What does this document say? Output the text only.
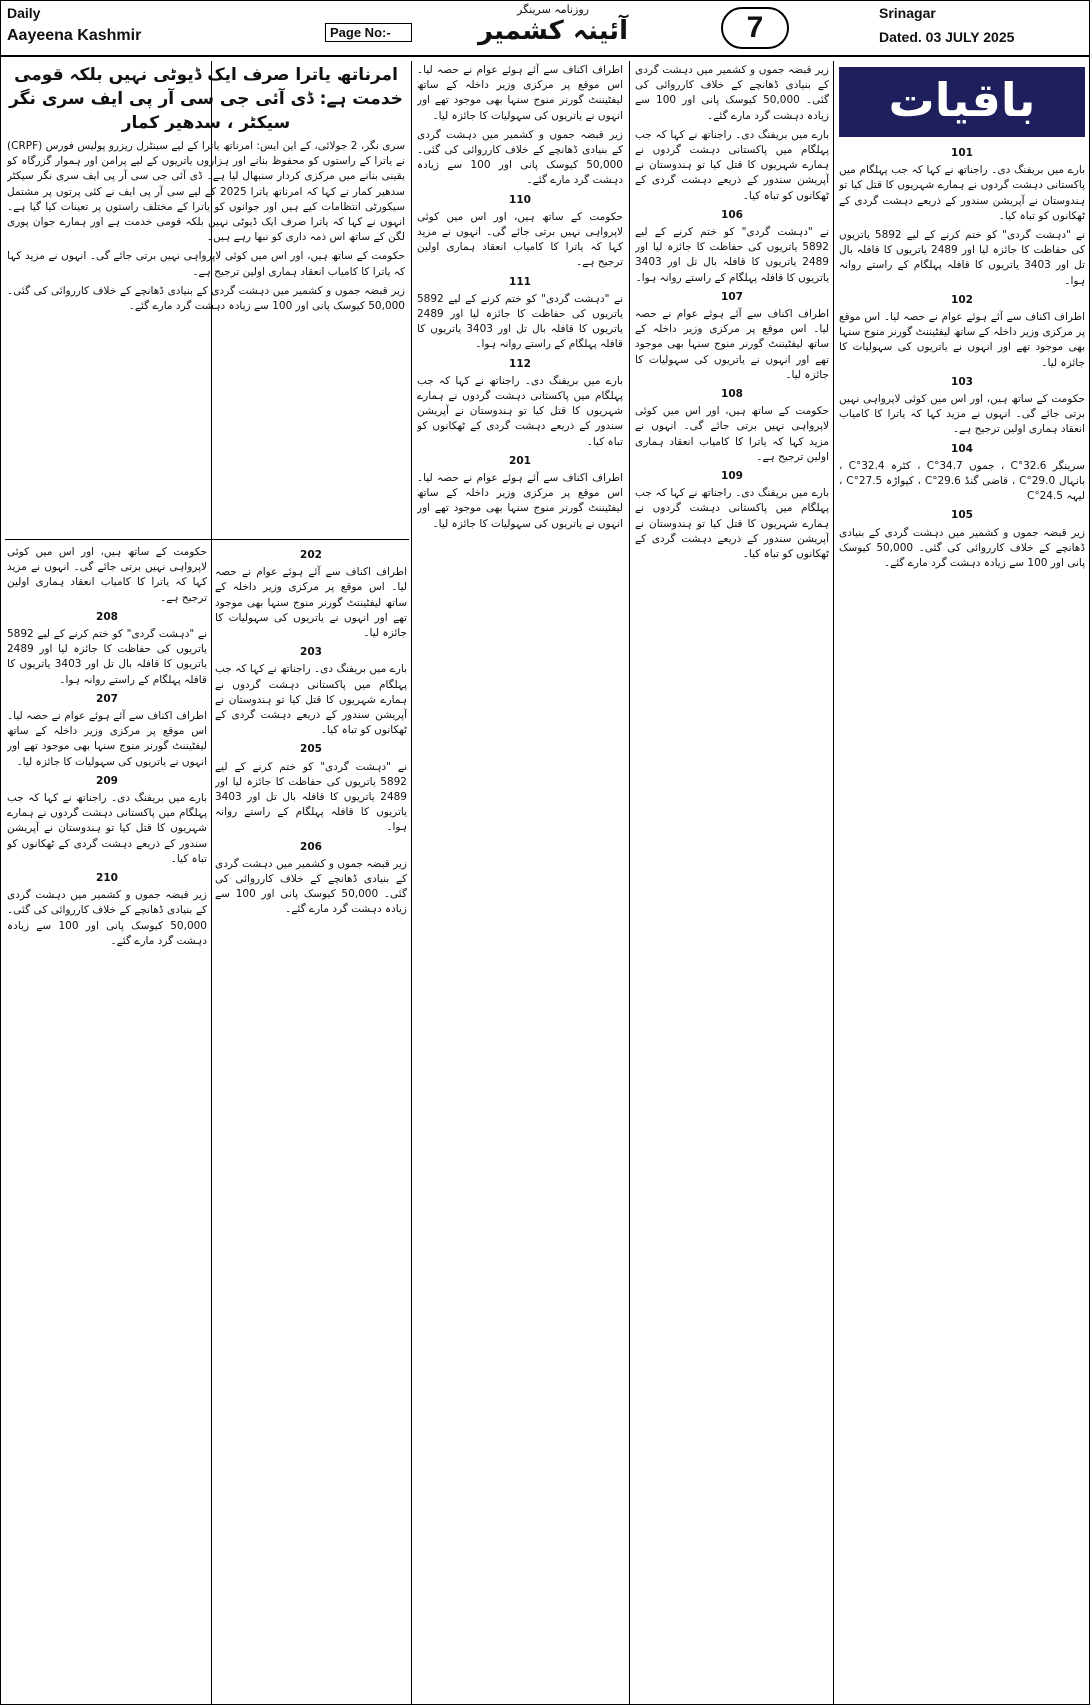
Daily
Aayeena Kashmir	Page No:-
روزنامہ سرینگر
آئینہ کشمیر	7	Srinagar
Dated. 03 JULY 2025
باقیات
101

بارے میں بریفنگ دی۔ راجناتھ نے کہا کہ جب پہلگام میں پاکستانی دہشت گردوں نے ہمارے شہریوں کا قتل کیا تو ہندوستان نے آپریشن سندور کے ذریعے دہشت گردی کے ٹھکانوں کو تباہ کیا۔

نے "دہشت گردی" کو ختم کرنے کے لیے 5892 یاتریوں کی حفاظت کا جائزہ لیا اور 2489 یاتریوں کا قافلہ بال تل اور 3403 یاتریوں کا قافلہ پہلگام کے راستے روانہ ہوا۔

102

اطراف اکناف سے آئے ہوئے عوام نے حصہ لیا۔ اس موقع پر مرکزی وزیر داخلہ کے ساتھ لیفٹیننٹ گورنر منوج سنہا بھی موجود تھے اور انہوں نے یاتریوں کی سہولیات کا جائزہ لیا۔

103

حکومت کے ساتھ ہیں، اور اس میں کوئی لاپرواہی نہیں برتی جائے گی۔ انہوں نے مزید کہا کہ یاترا کا کامیاب انعقاد ہماری اولین ترجیح ہے۔

104

سرینگر 32.6°C ، جموں 34.7°C ، کٹرہ 32.4°C ، بانہال 29.0°C ، قاضی گنڈ 29.6°C ، کپواڑہ 27.5°C ، لیہہ 24.5°C

105

زیر قبضہ جموں و کشمیر میں دہشت گردی کے بنیادی ڈھانچے کے خلاف کارروائی کی گئی۔ 50,000 کیوسک پانی اور 100 سے زیادہ دہشت گرد مارے گئے۔

زیر قبضہ جموں و کشمیر میں دہشت گردی کے بنیادی ڈھانچے کے خلاف کارروائی کی گئی۔ 50,000 کیوسک پانی اور 100 سے زیادہ دہشت گرد مارے گئے۔

بارے میں بریفنگ دی۔ راجناتھ نے کہا کہ جب پہلگام میں پاکستانی دہشت گردوں نے ہمارے شہریوں کا قتل کیا تو ہندوستان نے آپریشن سندور کے ذریعے دہشت گردی کے ٹھکانوں کو تباہ کیا۔

106

نے "دہشت گردی" کو ختم کرنے کے لیے 5892 یاتریوں کی حفاظت کا جائزہ لیا اور 2489 یاتریوں کا قافلہ بال تل اور 3403 یاتریوں کا قافلہ پہلگام کے راستے روانہ ہوا۔

107

اطراف اکناف سے آئے ہوئے عوام نے حصہ لیا۔ اس موقع پر مرکزی وزیر داخلہ کے ساتھ لیفٹیننٹ گورنر منوج سنہا بھی موجود تھے اور انہوں نے یاتریوں کی سہولیات کا جائزہ لیا۔

108

حکومت کے ساتھ ہیں، اور اس میں کوئی لاپرواہی نہیں برتی جائے گی۔ انہوں نے مزید کہا کہ یاترا کا کامیاب انعقاد ہماری اولین ترجیح ہے۔

109

بارے میں بریفنگ دی۔ راجناتھ نے کہا کہ جب پہلگام میں پاکستانی دہشت گردوں نے ہمارے شہریوں کا قتل کیا تو ہندوستان نے آپریشن سندور کے ذریعے دہشت گردی کے ٹھکانوں کو تباہ کیا۔

اطراف اکناف سے آئے ہوئے عوام نے حصہ لیا۔ اس موقع پر مرکزی وزیر داخلہ کے ساتھ لیفٹیننٹ گورنر منوج سنہا بھی موجود تھے اور انہوں نے یاتریوں کی سہولیات کا جائزہ لیا۔

زیر قبضہ جموں و کشمیر میں دہشت گردی کے بنیادی ڈھانچے کے خلاف کارروائی کی گئی۔ 50,000 کیوسک پانی اور 100 سے زیادہ دہشت گرد مارے گئے۔

110

حکومت کے ساتھ ہیں، اور اس میں کوئی لاپرواہی نہیں برتی جائے گی۔ انہوں نے مزید کہا کہ یاترا کا کامیاب انعقاد ہماری اولین ترجیح ہے۔

111

نے "دہشت گردی" کو ختم کرنے کے لیے 5892 یاتریوں کی حفاظت کا جائزہ لیا اور 2489 یاتریوں کا قافلہ بال تل اور 3403 یاتریوں کا قافلہ پہلگام کے راستے روانہ ہوا۔

112

بارے میں بریفنگ دی۔ راجناتھ نے کہا کہ جب پہلگام میں پاکستانی دہشت گردوں نے ہمارے شہریوں کا قتل کیا تو ہندوستان نے آپریشن سندور کے ذریعے دہشت گردی کے ٹھکانوں کو تباہ کیا۔

201

اطراف اکناف سے آئے ہوئے عوام نے حصہ لیا۔ اس موقع پر مرکزی وزیر داخلہ کے ساتھ لیفٹیننٹ گورنر منوج سنہا بھی موجود تھے اور انہوں نے یاتریوں کی سہولیات کا جائزہ لیا۔

امرناتھ یاترا صرف ایک ڈیوٹی نہیں بلکہ قومی خدمت ہے: ڈی آئی جی سی آر پی ایف سری نگر سیکٹر ، سدھیر کمار

سری نگر، 2 جولائی، کے این ایس: امرناتھ یاترا کے لیے سینٹرل ریزرو پولیس فورس (CRPF) نے یاترا کے راستوں کو محفوظ بنانے اور ہزاروں یاتریوں کے لیے پرامن اور ہموار گزرگاہ کو یقینی بنانے میں مرکزی کردار سنبھال لیا ہے۔ ڈی آئی جی سی آر پی ایف سری نگر سیکٹر سدھیر کمار نے کہا کہ امرناتھ یاترا 2025 کے لیے سی آر پی ایف نے کئی پرتوں پر مشتمل سیکورٹی انتظامات کیے ہیں اور جوانوں کو یاترا کے مختلف راستوں پر تعینات کیا گیا ہے۔ انہوں نے کہا کہ یاترا صرف ایک ڈیوٹی نہیں بلکہ قومی خدمت ہے اور ہمارے جوان پوری لگن کے ساتھ اس ذمہ داری کو نبھا رہے ہیں۔

حکومت کے ساتھ ہیں، اور اس میں کوئی لاپرواہی نہیں برتی جائے گی۔ انہوں نے مزید کہا کہ یاترا کا کامیاب انعقاد ہماری اولین ترجیح ہے۔

زیر قبضہ جموں و کشمیر میں دہشت گردی کے بنیادی ڈھانچے کے خلاف کارروائی کی گئی۔ 50,000 کیوسک پانی اور 100 سے زیادہ دہشت گرد مارے گئے۔

202

اطراف اکناف سے آئے ہوئے عوام نے حصہ لیا۔ اس موقع پر مرکزی وزیر داخلہ کے ساتھ لیفٹیننٹ گورنر منوج سنہا بھی موجود تھے اور انہوں نے یاتریوں کی سہولیات کا جائزہ لیا۔

203

بارے میں بریفنگ دی۔ راجناتھ نے کہا کہ جب پہلگام میں پاکستانی دہشت گردوں نے ہمارے شہریوں کا قتل کیا تو ہندوستان نے آپریشن سندور کے ذریعے دہشت گردی کے ٹھکانوں کو تباہ کیا۔

205

نے "دہشت گردی" کو ختم کرنے کے لیے 5892 یاتریوں کی حفاظت کا جائزہ لیا اور 2489 یاتریوں کا قافلہ بال تل اور 3403 یاتریوں کا قافلہ پہلگام کے راستے روانہ ہوا۔

206

زیر قبضہ جموں و کشمیر میں دہشت گردی کے بنیادی ڈھانچے کے خلاف کارروائی کی گئی۔ 50,000 کیوسک پانی اور 100 سے زیادہ دہشت گرد مارے گئے۔

حکومت کے ساتھ ہیں، اور اس میں کوئی لاپرواہی نہیں برتی جائے گی۔ انہوں نے مزید کہا کہ یاترا کا کامیاب انعقاد ہماری اولین ترجیح ہے۔

208

نے "دہشت گردی" کو ختم کرنے کے لیے 5892 یاتریوں کی حفاظت کا جائزہ لیا اور 2489 یاتریوں کا قافلہ بال تل اور 3403 یاتریوں کا قافلہ پہلگام کے راستے روانہ ہوا۔

207

اطراف اکناف سے آئے ہوئے عوام نے حصہ لیا۔ اس موقع پر مرکزی وزیر داخلہ کے ساتھ لیفٹیننٹ گورنر منوج سنہا بھی موجود تھے اور انہوں نے یاتریوں کی سہولیات کا جائزہ لیا۔

209

بارے میں بریفنگ دی۔ راجناتھ نے کہا کہ جب پہلگام میں پاکستانی دہشت گردوں نے ہمارے شہریوں کا قتل کیا تو ہندوستان نے آپریشن سندور کے ذریعے دہشت گردی کے ٹھکانوں کو تباہ کیا۔

210

زیر قبضہ جموں و کشمیر میں دہشت گردی کے بنیادی ڈھانچے کے خلاف کارروائی کی گئی۔ 50,000 کیوسک پانی اور 100 سے زیادہ دہشت گرد مارے گئے۔
